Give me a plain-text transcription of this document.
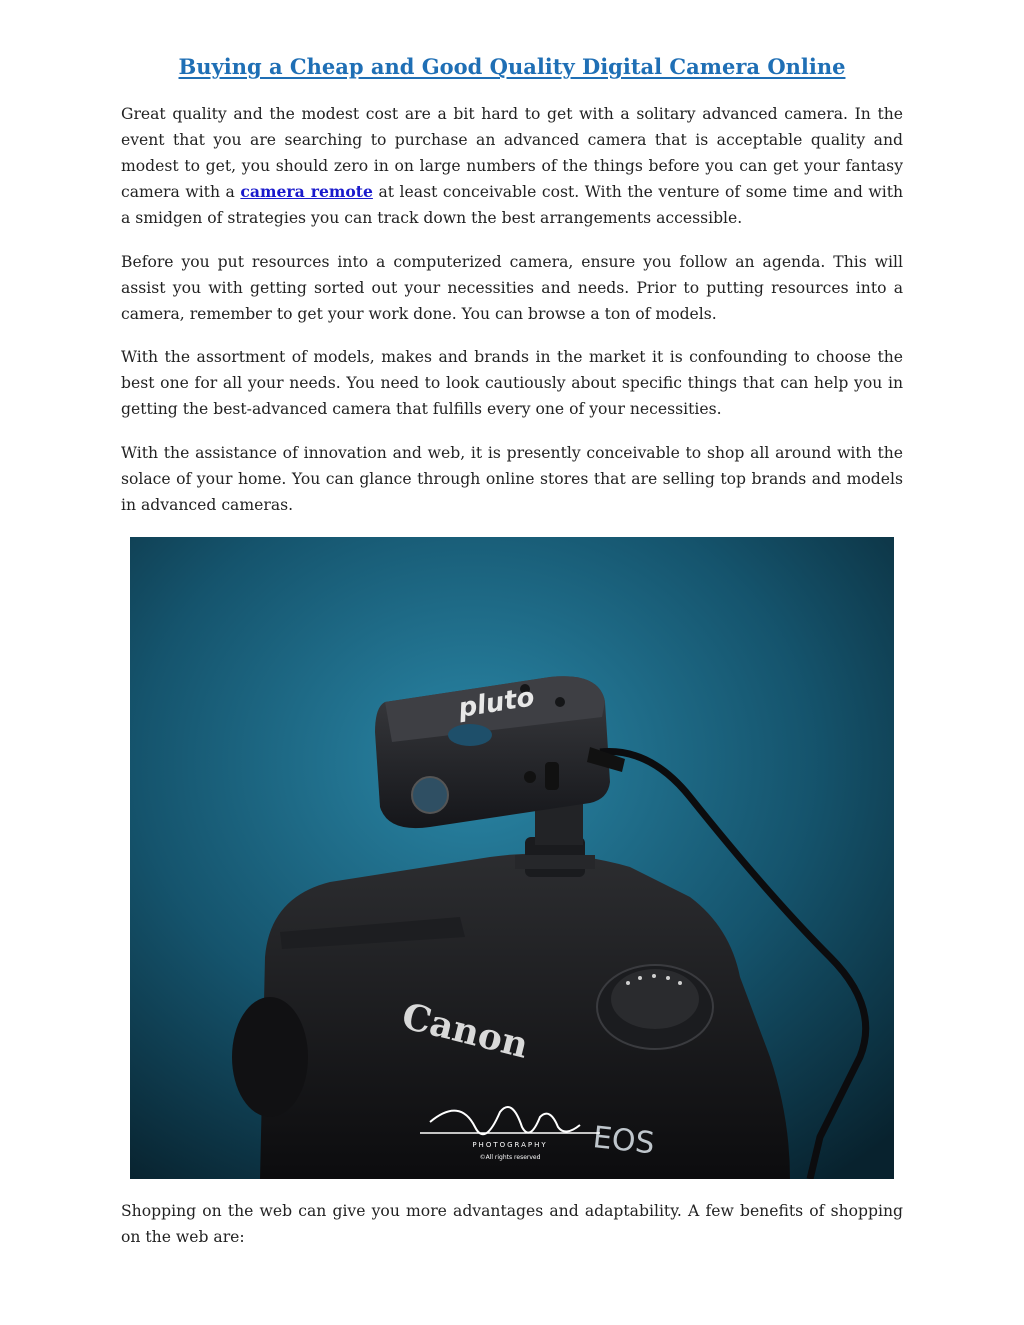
Buying a Cheap and Good Quality Digital Camera Online

Great quality and the modest cost are a bit hard to get with a solitary advanced camera. In the event that you are searching to purchase an advanced camera that is acceptable quality and modest to get, you should zero in on large numbers of the things before you can get your fantasy camera with a camera remote at least conceivable cost. With the venture of some time and with a smidgen of strategies you can track down the best arrangements accessible.

Before you put resources into a computerized camera, ensure you follow an agenda. This will assist you with getting sorted out your necessities and needs. Prior to putting resources into a camera, remember to get your work done. You can browse a ton of models.

With the assortment of models, makes and brands in the market it is confounding to choose the best one for all your needs. You need to look cautiously about specific things that can help you in getting the best-advanced camera that fulfills every one of your necessities.

With the assistance of innovation and web, it is presently conceivable to shop all around with the solace of your home. You can glance through online stores that are selling top brands and models in advanced cameras.

pluto
Canon
EOS
PHOTOGRAPHY
©All rights reserved

Shopping on the web can give you more advantages and adaptability. A few benefits of shopping on the web are:
